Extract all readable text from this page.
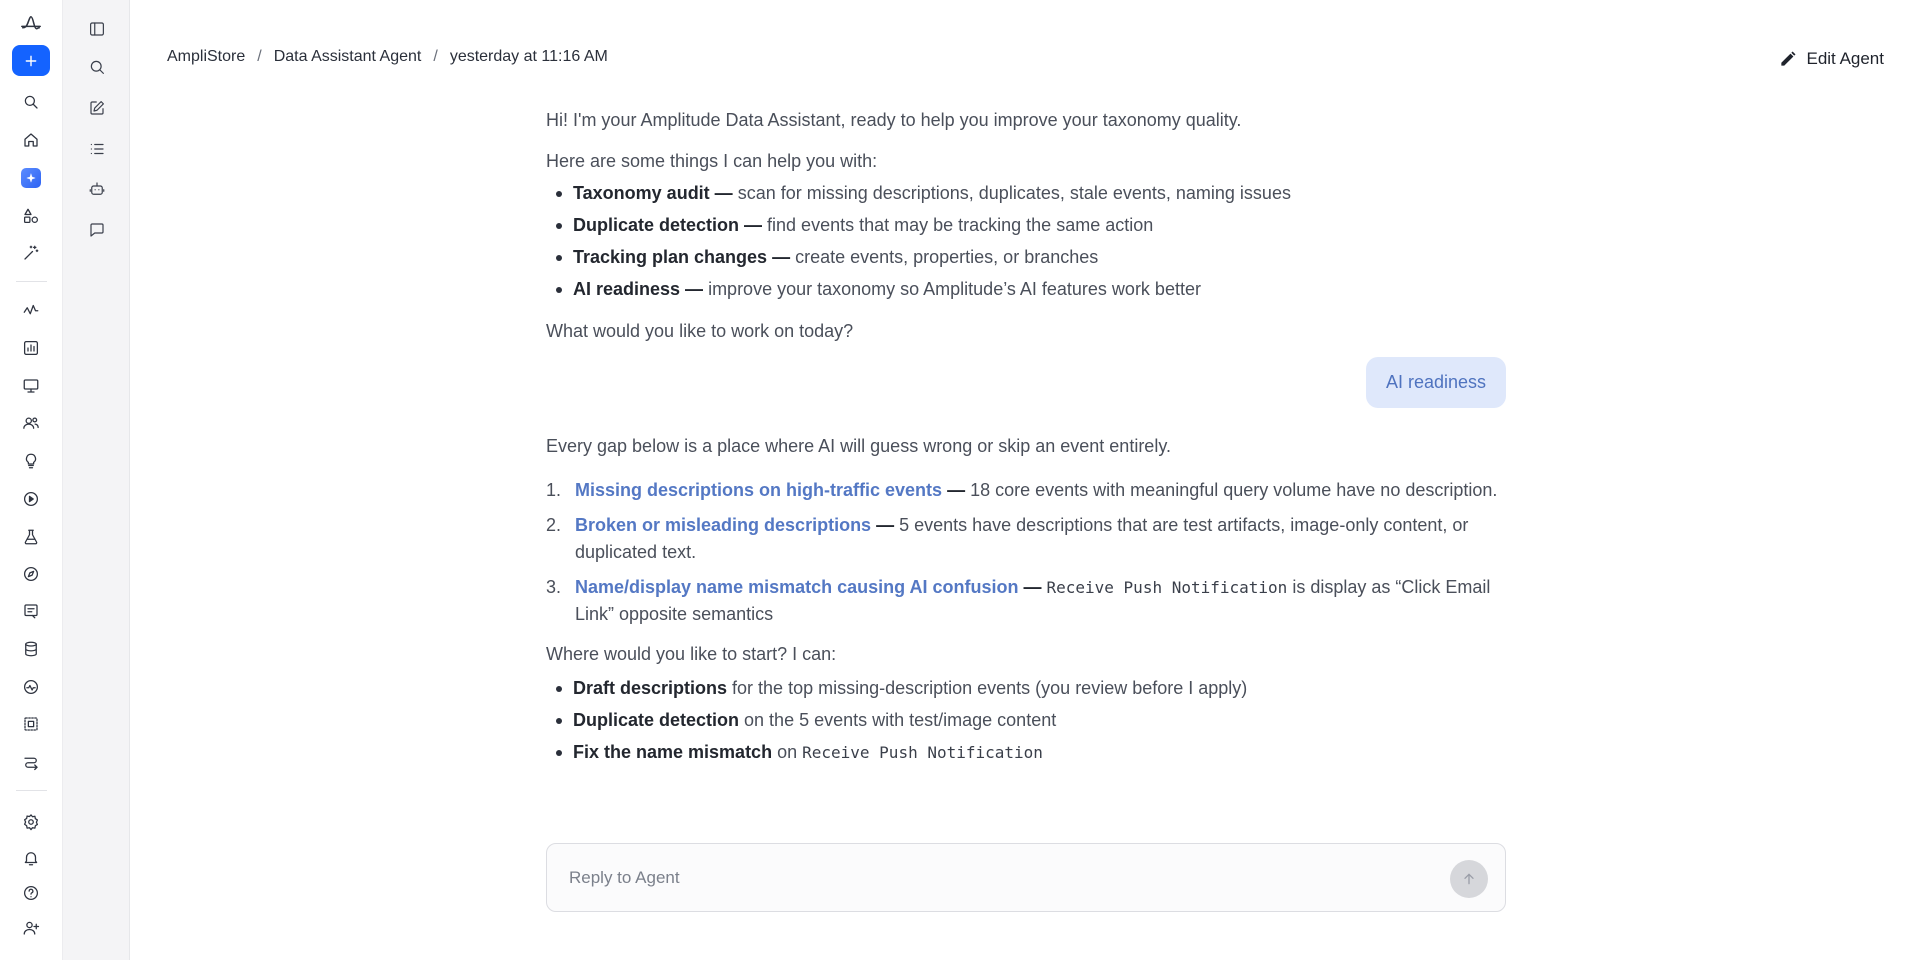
AmpliStore / Data Assistant Agent / yesterday at 11:16 AM	Edit Agent

Hi! I'm your Amplitude Data Assistant, ready to help you improve your taxonomy quality.

Here are some things I can help you with:

Taxonomy audit — scan for missing descriptions, duplicates, stale events, naming issues
Duplicate detection — find events that may be tracking the same action
Tracking plan changes — create events, properties, or branches
AI readiness — improve your taxonomy so Amplitude’s AI features work better

What would you like to work on today?

AI readiness

Every gap below is a place where AI will guess wrong or skip an event entirely.

1. Missing descriptions on high-traffic events — 18 core events with meaningful query volume have no description.
2. Broken or misleading descriptions — 5 events have descriptions that are test artifacts, image-only content, or duplicated text.
3. Name/display name mismatch causing AI confusion — Receive Push Notification is display as “Click Email Link” opposite semantics

Where would you like to start? I can:

Draft descriptions for the top missing-description events (you review before I apply)
Duplicate detection on the 5 events with test/image content
Fix the name mismatch on Receive Push Notification
Reply to Agent
